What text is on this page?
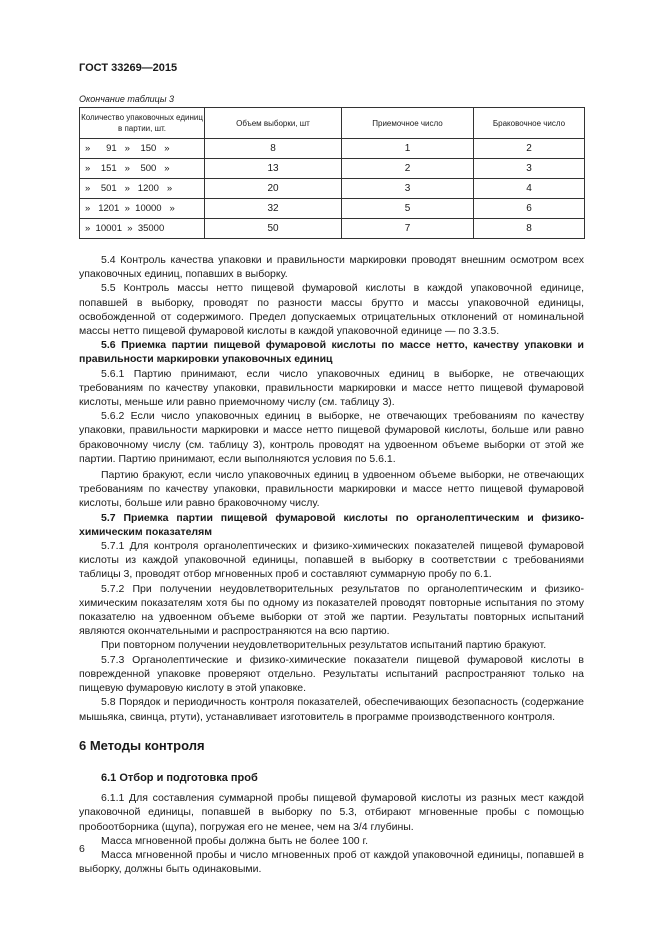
ГОСТ 33269—2015
Окончание таблицы 3
Количество упаковочных единиц в партии, шт.	Объем выборки, шт	Приемочное число	Браковочное число
»      91   »    150   »	8	1	2
»    151   »    500   »	13	2	3
»    501   »   1200   »	20	3	4
»   1201  »  10000   »	32	5	6
»  10001  »  35000	50	7	8

5.4 Контроль качества упаковки и правильности маркировки проводят внешним осмотром всех упаковочных единиц, попавших в выборку.

5.5 Контроль массы нетто пищевой фумаровой кислоты в каждой упаковочной единице, попавшей в выборку, проводят по разности массы брутто и массы упаковочной единицы, освобожденной от содержимого. Предел допускаемых отрицательных отклонений от номинальной массы нетто пищевой фумаровой кислоты в каждой упаковочной единице — по 3.3.5.

5.6 Приемка партии пищевой фумаровой кислоты по массе нетто, качеству упаковки и правильности маркировки упаковочных единиц

5.6.1 Партию принимают, если число упаковочных единиц в выборке, не отвечающих требованиям по качеству упаковки, правильности маркировки и массе нетто пищевой фумаровой кислоты, меньше или равно приемочному числу (см. таблицу 3).

5.6.2 Если число упаковочных единиц в выборке, не отвечающих требованиям по качеству упаковки, правильности маркировки и массе нетто пищевой фумаровой кислоты, больше или равно браковочному числу (см. таблицу 3), контроль проводят на удвоенном объеме выборки от этой же партии. Партию принимают, если выполняются условия по 5.6.1.

Партию бракуют, если число упаковочных единиц в удвоенном объеме выборки, не отвечающих требованиям по качеству упаковки, правильности маркировки и массе нетто пищевой фумаровой кислоты, больше или равно браковочному числу.

5.7 Приемка партии пищевой фумаровой кислоты по органолептическим и физико-химическим показателям

5.7.1 Для контроля органолептических и физико-химических показателей пищевой фумаровой кислоты из каждой упаковочной единицы, попавшей в выборку в соответствии с требованиями таблицы 3, проводят отбор мгновенных проб и составляют суммарную пробу по 6.1.

5.7.2 При получении неудовлетворительных результатов по органолептическим и физико-химическим показателям хотя бы по одному из показателей проводят повторные испытания по этому показателю на удвоенном объеме выборки от этой же партии. Результаты повторных испытаний являются окончательными и распространяются на всю партию.

При повторном получении неудовлетворительных результатов испытаний партию бракуют.

5.7.3 Органолептические и физико-химические показатели пищевой фумаровой кислоты в поврежденной упаковке проверяют отдельно. Результаты испытаний распространяют только на пищевую фумаровую кислоту в этой упаковке.

5.8 Порядок и периодичность контроля показателей, обеспечивающих безопасность (содержание мышьяка, свинца, ртути), устанавливает изготовитель в программе производственного контроля.

6 Методы контроля
6.1 Отбор и подготовка проб

6.1.1 Для составления суммарной пробы пищевой фумаровой кислоты из разных мест каждой упаковочной единицы, попавшей в выборку по 5.3, отбирают мгновенные пробы с помощью пробоотборника (щупа), погружая его не менее, чем на 3/4 глубины.

Масса мгновенной пробы должна быть не более 100 г.

Масса мгновенной пробы и число мгновенных проб от каждой упаковочной единицы, попавшей в выборку, должны быть одинаковыми.

6
